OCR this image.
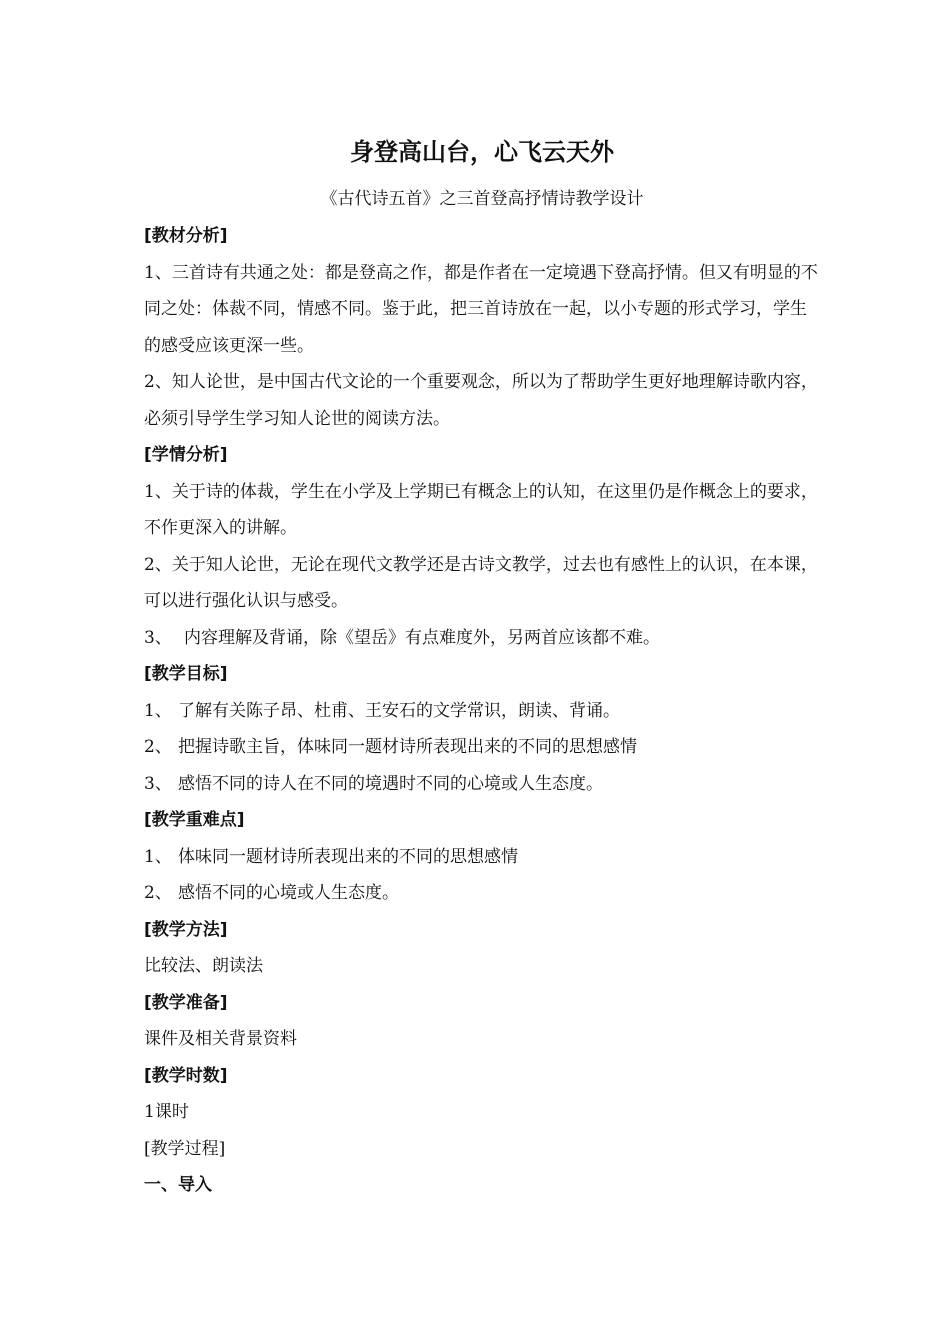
身登高山台，心飞云天外
《古代诗五首》之三首登高抒情诗教学设计
[教材分析]

1、三首诗有共通之处：都是登高之作，都是作者在一定境遇下登高抒情。但又有明显的不同之处：体裁不同，情感不同。鉴于此，把三首诗放在一起，以小专题的形式学习，学生的感受应该更深一些。

2、知人论世，是中国古代文论的一个重要观念，所以为了帮助学生更好地理解诗歌内容，必须引导学生学习知人论世的阅读方法。

[学情分析]

1、关于诗的体裁，学生在小学及上学期已有概念上的认知，在这里仍是作概念上的要求，不作更深入的讲解。

2、关于知人论世，无论在现代文教学还是古诗文教学，过去也有感性上的认识，在本课，可以进行强化认识与感受。

3、 内容理解及背诵，除《望岳》有点难度外，另两首应该都不难。
[教学目标]
1、 了解有关陈子昂、杜甫、王安石的文学常识，朗读、背诵。
2、 把握诗歌主旨，体味同一题材诗所表现出来的不同的思想感情
3、 感悟不同的诗人在不同的境遇时不同的心境或人生态度。
[教学重难点]
1、 体味同一题材诗所表现出来的不同的思想感情
2、 感悟不同的心境或人生态度。
[教学方法]

比较法、朗读法

[教学准备]

课件及相关背景资料

[教学时数]

1课时

[教学过程]
一、导入
